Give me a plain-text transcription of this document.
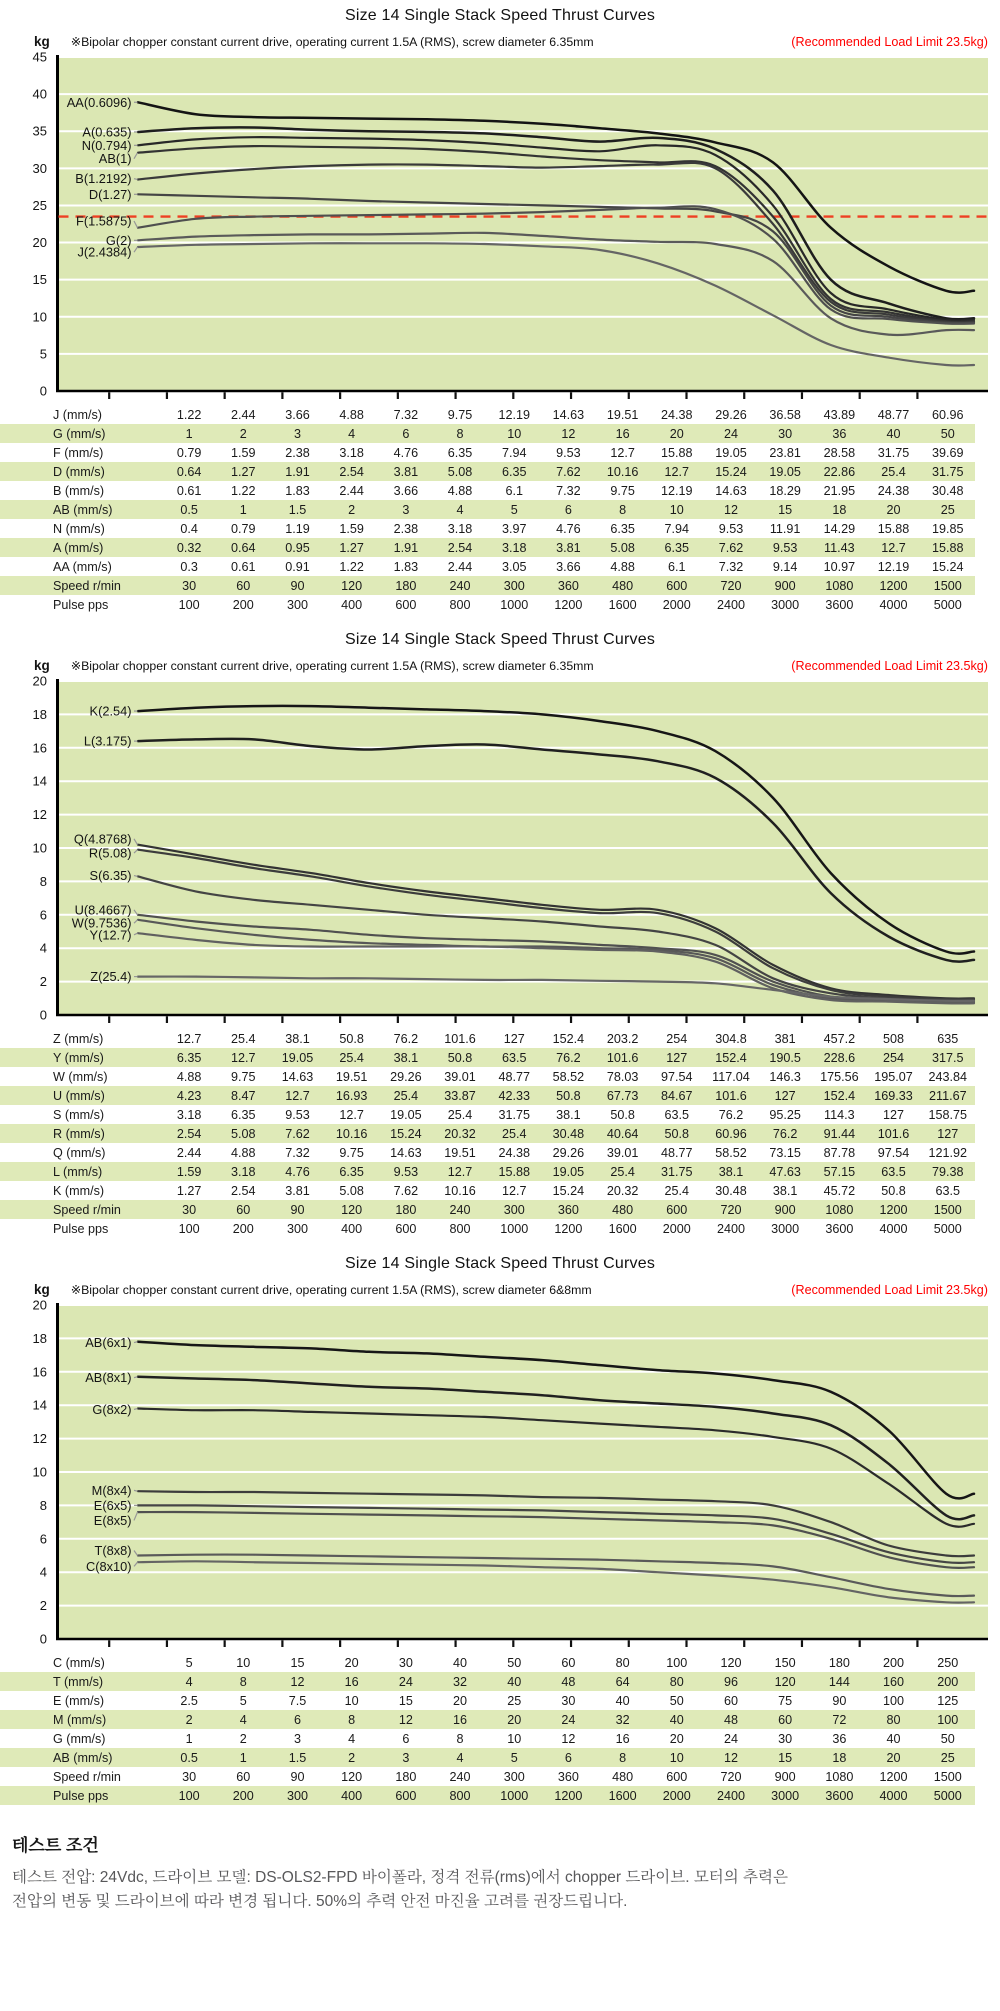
Size 14 Single Stack Speed Thrust Curves
kg ※Bipolar chopper constant current drive, operating current 1.5A (RMS), screw diameter 6.35mm	(Recommended Load Limit 23.5kg)
0
5
10
15
20
25
30
35
40
45
AA(0.6096)
A(0.635)
N(0.794)
AB(1)
B(1.2192)
D(1.27)
F(1.5875)
G(2)
J(2.4384)
J (mm/s)	1.22	2.44	3.66	4.88	7.32	9.75	12.19	14.63	19.51	24.38	29.26	36.58	43.89	48.77	60.96
G (mm/s)	1	2	3	4	6	8	10	12	16	20	24	30	36	40	50
F (mm/s)	0.79	1.59	2.38	3.18	4.76	6.35	7.94	9.53	12.7	15.88	19.05	23.81	28.58	31.75	39.69
D (mm/s)	0.64	1.27	1.91	2.54	3.81	5.08	6.35	7.62	10.16	12.7	15.24	19.05	22.86	25.4	31.75
B (mm/s)	0.61	1.22	1.83	2.44	3.66	4.88	6.1	7.32	9.75	12.19	14.63	18.29	21.95	24.38	30.48
AB (mm/s)	0.5	1	1.5	2	3	4	5	6	8	10	12	15	18	20	25
N (mm/s)	0.4	0.79	1.19	1.59	2.38	3.18	3.97	4.76	6.35	7.94	9.53	11.91	14.29	15.88	19.85
A (mm/s)	0.32	0.64	0.95	1.27	1.91	2.54	3.18	3.81	5.08	6.35	7.62	9.53	11.43	12.7	15.88
AA (mm/s)	0.3	0.61	0.91	1.22	1.83	2.44	3.05	3.66	4.88	6.1	7.32	9.14	10.97	12.19	15.24
Speed r/min	30	60	90	120	180	240	300	360	480	600	720	900	1080	1200	1500
Pulse pps	100	200	300	400	600	800	1000	1200	1600	2000	2400	3000	3600	4000	5000
Size 14 Single Stack Speed Thrust Curves
kg ※Bipolar chopper constant current drive, operating current 1.5A (RMS), screw diameter 6.35mm	(Recommended Load Limit 23.5kg)
0
2
4
6
8
10
12
14
16
18
20
K(2.54)
L(3.175)
Q(4.8768)
R(5.08)
S(6.35)
U(8.4667)
W(9.7536)
Y(12.7)
Z(25.4)
Z (mm/s)	12.7	25.4	38.1	50.8	76.2	101.6	127	152.4	203.2	254	304.8	381	457.2	508	635
Y (mm/s)	6.35	12.7	19.05	25.4	38.1	50.8	63.5	76.2	101.6	127	152.4	190.5	228.6	254	317.5
W (mm/s)	4.88	9.75	14.63	19.51	29.26	39.01	48.77	58.52	78.03	97.54	117.04	146.3	175.56	195.07	243.84
U (mm/s)	4.23	8.47	12.7	16.93	25.4	33.87	42.33	50.8	67.73	84.67	101.6	127	152.4	169.33	211.67
S (mm/s)	3.18	6.35	9.53	12.7	19.05	25.4	31.75	38.1	50.8	63.5	76.2	95.25	114.3	127	158.75
R (mm/s)	2.54	5.08	7.62	10.16	15.24	20.32	25.4	30.48	40.64	50.8	60.96	76.2	91.44	101.6	127
Q (mm/s)	2.44	4.88	7.32	9.75	14.63	19.51	24.38	29.26	39.01	48.77	58.52	73.15	87.78	97.54	121.92
L (mm/s)	1.59	3.18	4.76	6.35	9.53	12.7	15.88	19.05	25.4	31.75	38.1	47.63	57.15	63.5	79.38
K (mm/s)	1.27	2.54	3.81	5.08	7.62	10.16	12.7	15.24	20.32	25.4	30.48	38.1	45.72	50.8	63.5
Speed r/min	30	60	90	120	180	240	300	360	480	600	720	900	1080	1200	1500
Pulse pps	100	200	300	400	600	800	1000	1200	1600	2000	2400	3000	3600	4000	5000
Size 14 Single Stack Speed Thrust Curves
kg ※Bipolar chopper constant current drive, operating current 1.5A (RMS), screw diameter 6&8mm	(Recommended Load Limit 23.5kg)
0
2
4
6
8
10
12
14
16
18
20
AB(6x1)
AB(8x1)
G(8x2)
M(8x4)
E(6x5)
E(8x5)
T(8x8)
C(8x10)
C (mm/s)	5	10	15	20	30	40	50	60	80	100	120	150	180	200	250
T (mm/s)	4	8	12	16	24	32	40	48	64	80	96	120	144	160	200
E (mm/s)	2.5	5	7.5	10	15	20	25	30	40	50	60	75	90	100	125
M (mm/s)	2	4	6	8	12	16	20	24	32	40	48	60	72	80	100
G (mm/s)	1	2	3	4	6	8	10	12	16	20	24	30	36	40	50
AB (mm/s)	0.5	1	1.5	2	3	4	5	6	8	10	12	15	18	20	25
Speed r/min	30	60	90	120	180	240	300	360	480	600	720	900	1080	1200	1500
Pulse pps	100	200	300	400	600	800	1000	1200	1600	2000	2400	3000	3600	4000	5000
테스트 조건

테스트 전압: 24Vdc, 드라이브 모델: DS-OLS2-FPD 바이폴라, 정격 전류(rms)에서 chopper 드라이브. 모터의 추력은
전압의 변동 및 드라이브에 따라 변경 됩니다. 50%의 추력 안전 마진율 고려를 권장드립니다.
